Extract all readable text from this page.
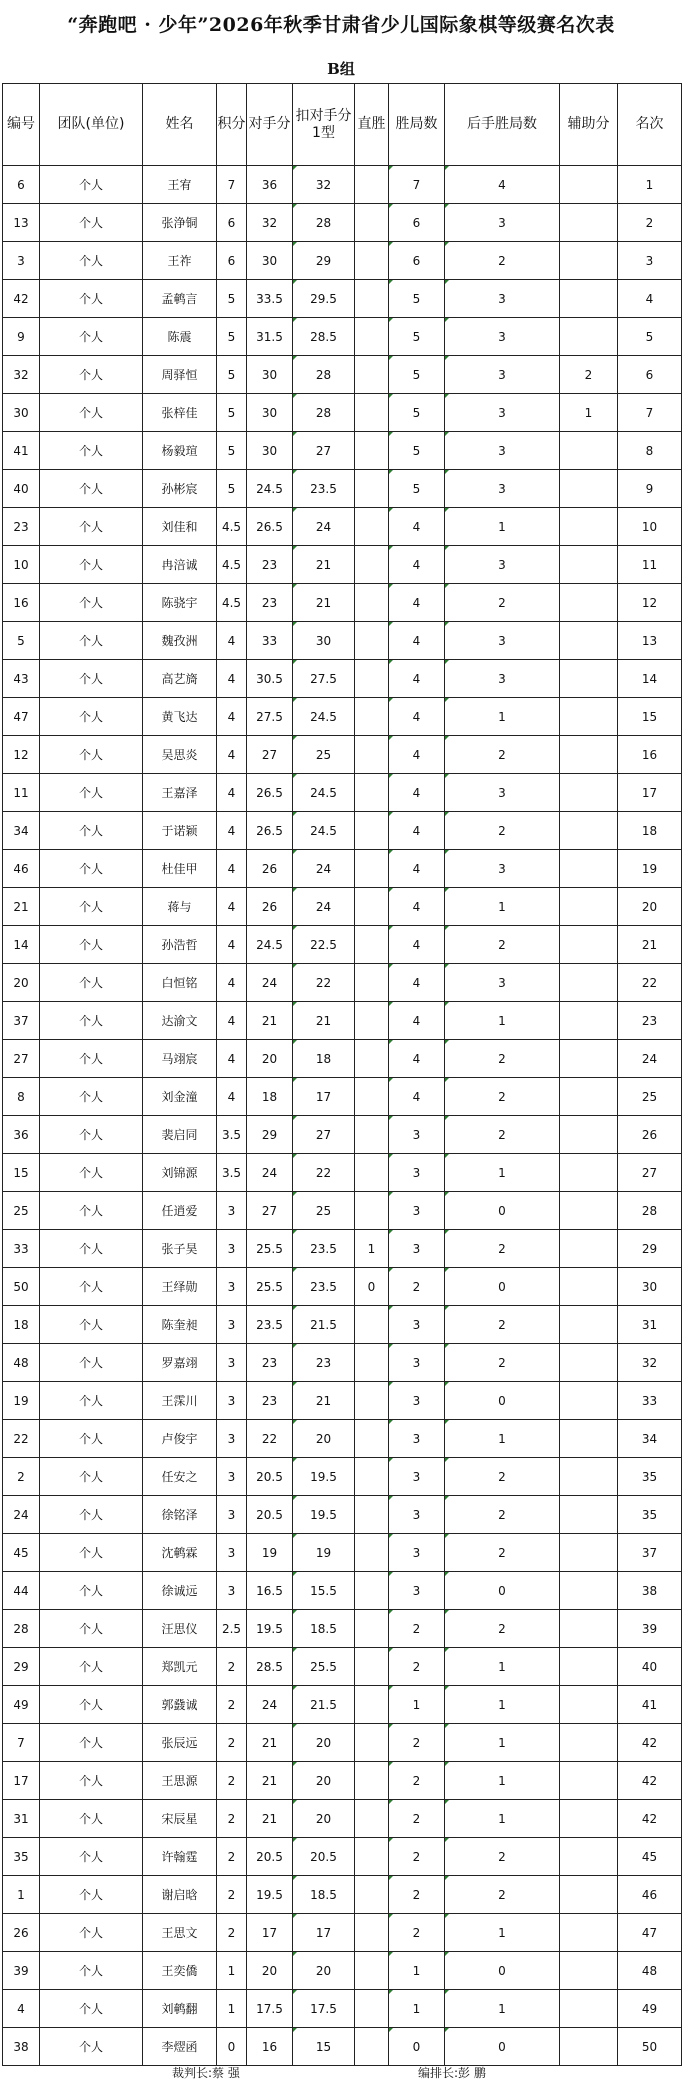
“奔跑吧 · 少年”2026年秋季甘肃省少儿国际象棋等级赛名次表
B组
编号	团队(单位)	姓名	积分	对手分	扣对手分1型	直胜	胜局数	后手胜局数	辅助分	名次
6	个人	王宥	7	36	32		7	4		1
13	个人	张浄铜	6	32	28		6	3		2
3	个人	王祚	6	30	29		6	2		3
42	个人	孟鹌言	5	33.5	29.5		5	3		4
9	个人	陈震	5	31.5	28.5		5	3		5
32	个人	周驿恒	5	30	28		5	3	2	6
30	个人	张梓佳	5	30	28		5	3	1	7
41	个人	杨毅瑄	5	30	27		5	3		8
40	个人	孙彬宸	5	24.5	23.5		5	3		9
23	个人	刘佳和	4.5	26.5	24		4	1		10
10	个人	冉涪诚	4.5	23	21		4	3		11
16	个人	陈骁宇	4.5	23	21		4	2		12
5	个人	魏孜洲	4	33	30		4	3		13
43	个人	高艺旖	4	30.5	27.5		4	3		14
47	个人	黄飞达	4	27.5	24.5		4	1		15
12	个人	吴思炎	4	27	25		4	2		16
11	个人	王嘉泽	4	26.5	24.5		4	3		17
34	个人	于诺颖	4	26.5	24.5		4	2		18
46	个人	杜佳甲	4	26	24		4	3		19
21	个人	蒋与	4	26	24		4	1		20
14	个人	孙浩哲	4	24.5	22.5		4	2		21
20	个人	白恒铭	4	24	22		4	3		22
37	个人	达渝文	4	21	21		4	1		23
27	个人	马翊宸	4	20	18		4	2		24
8	个人	刘金潼	4	18	17		4	2		25
36	个人	裴启同	3.5	29	27		3	2		26
15	个人	刘锦源	3.5	24	22		3	1		27
25	个人	任逍爱	3	27	25		3	0		28
33	个人	张子昊	3	25.5	23.5	1	3	2		29
50	个人	王绎勋	3	25.5	23.5	0	2	0		30
18	个人	陈奎昶	3	23.5	21.5		3	2		31
48	个人	罗嘉翊	3	23	23		3	2		32
19	个人	王霂川	3	23	21		3	0		33
22	个人	卢俊宇	3	22	20		3	1		34
2	个人	任安之	3	20.5	19.5		3	2		35
24	个人	徐铭泽	3	20.5	19.5		3	2		35
45	个人	沈鹌霖	3	19	19		3	2		37
44	个人	徐诚远	3	16.5	15.5		3	0		38
28	个人	汪思仪	2.5	19.5	18.5		2	2		39
29	个人	郑凯元	2	28.5	25.5		2	1		40
49	个人	郭鼗诚	2	24	21.5		1	1		41
7	个人	张辰远	2	21	20		2	1		42
17	个人	王思源	2	21	20		2	1		42
31	个人	宋辰星	2	21	20		2	1		42
35	个人	许翰霆	2	20.5	20.5		2	2		45
1	个人	谢启晗	2	19.5	18.5		2	2		46
26	个人	王思文	2	17	17		2	1		47
39	个人	王奕僑	1	20	20		1	0		48
4	个人	刘鹌翻	1	17.5	17.5		1	1		49
38	个人	李熤函	0	16	15		0	0		50
裁判长:蔡 强	编排长:彭 鹏
